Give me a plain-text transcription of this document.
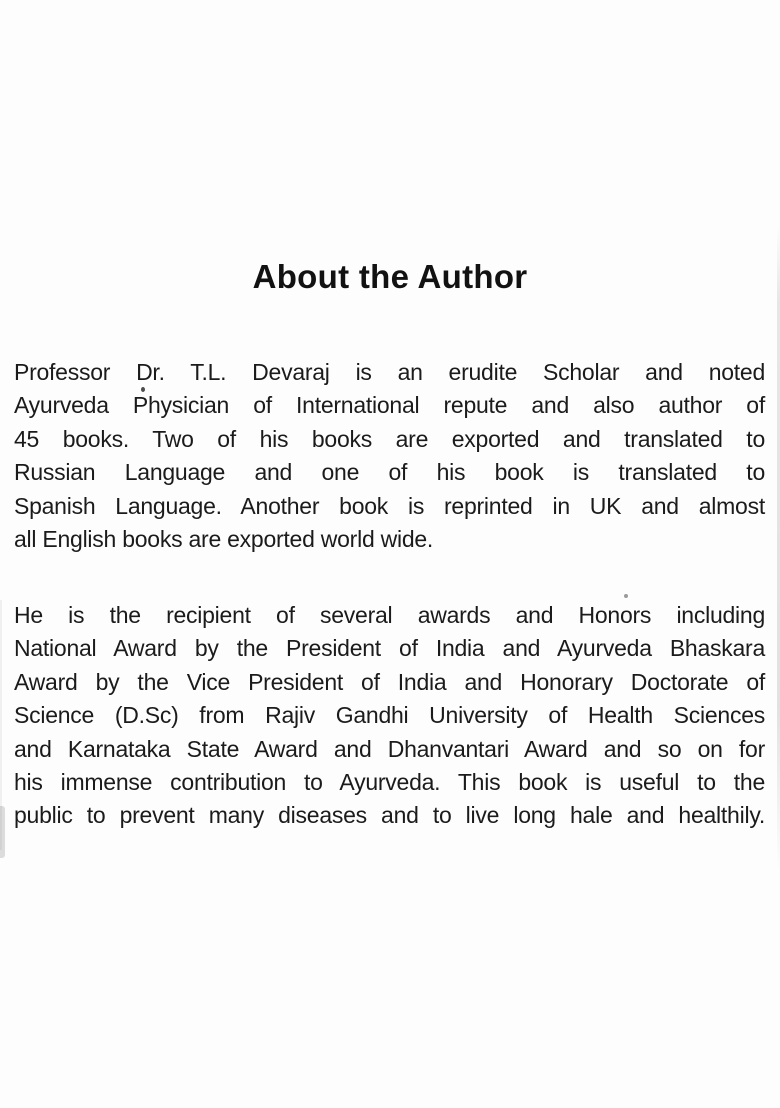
About the Author
Professor Dr. T.L. Devaraj is an erudite Scholar and noted
Ayurveda Physician of International repute and also author of
45 books. Two of his books are exported and translated to
Russian Language and one of his book is translated to
Spanish Language. Another book is reprinted in UK and almost
all English books are exported world wide.
He is the recipient of several awards and Honors including
National Award by the President of India and Ayurveda Bhaskara
Award by the Vice President of India and Honorary Doctorate of
Science (D.Sc) from Rajiv Gandhi University of Health Sciences
and Karnataka State Award and Dhanvantari Award and so on for
his immense contribution to Ayurveda. This book is useful to the
public to prevent many diseases and to live long hale and healthily.
